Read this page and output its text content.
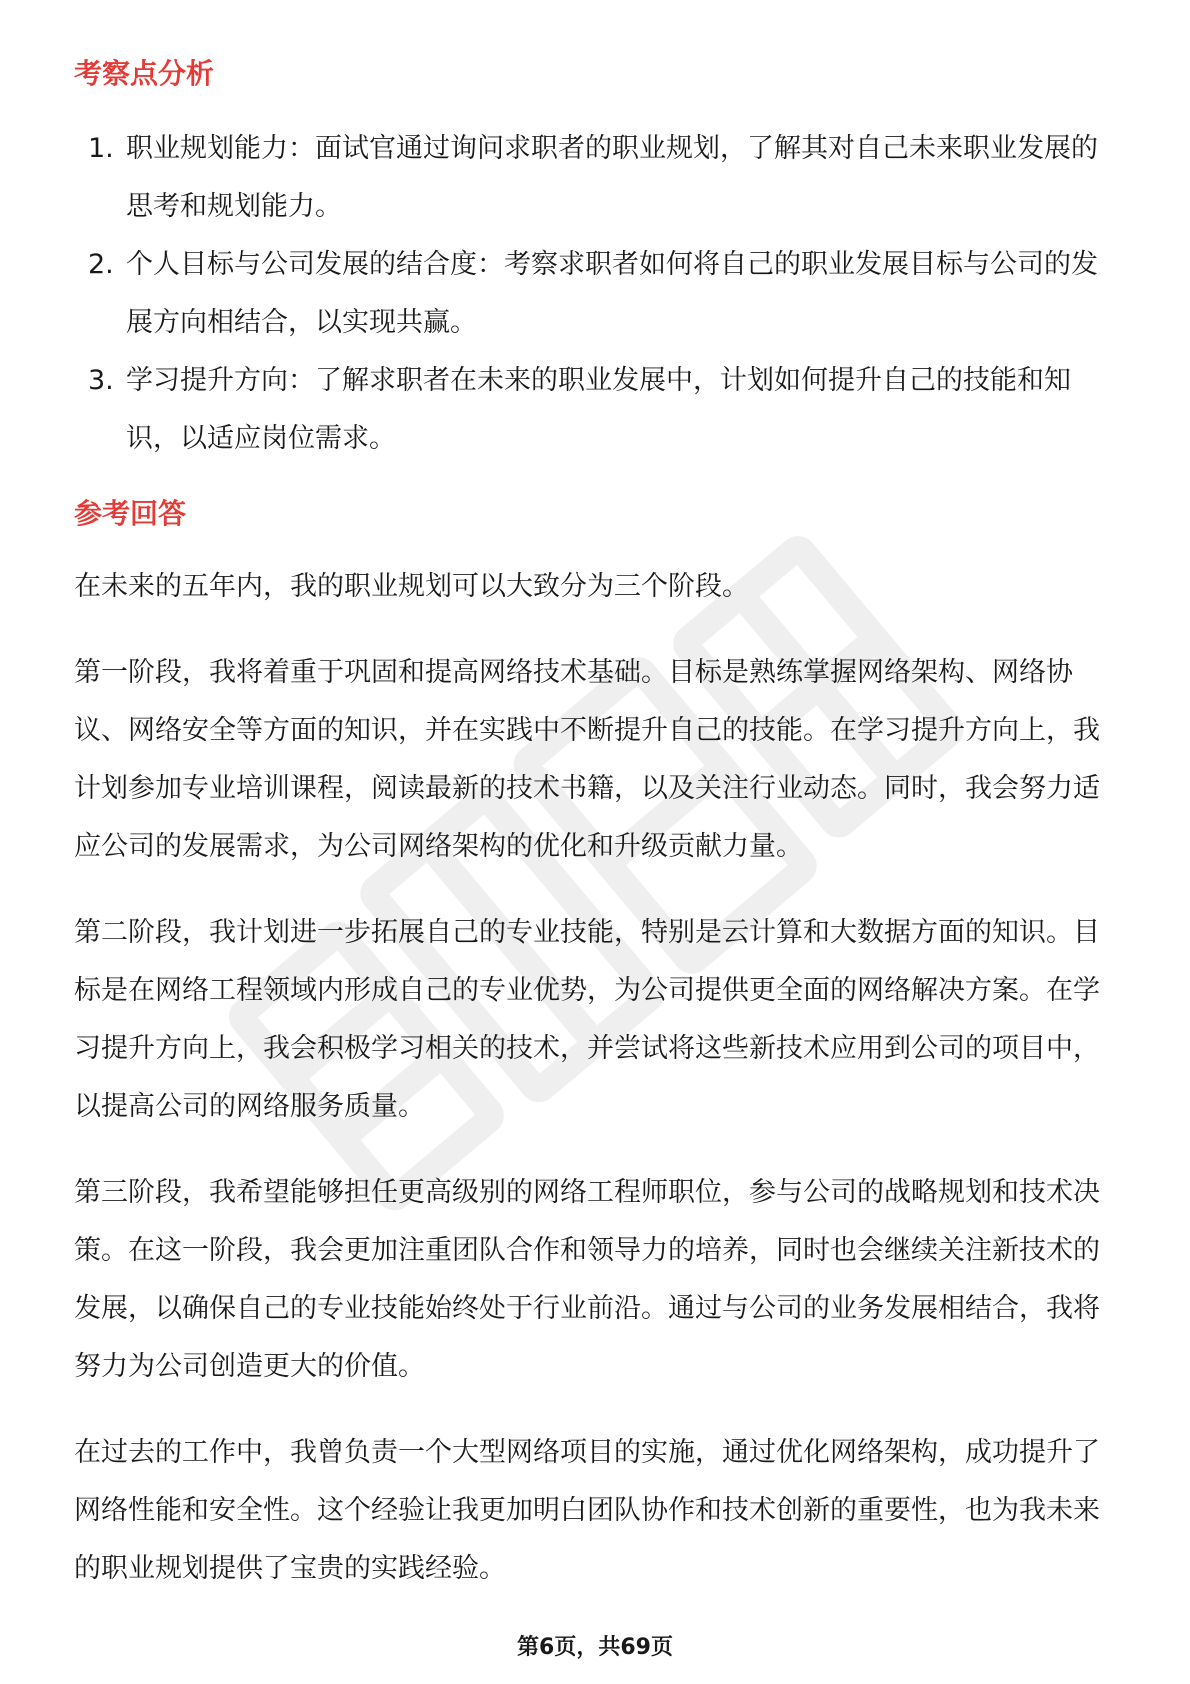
考察点分析
1. 职业规划能力：面试官通过询问求职者的职业规划，了解其对自己未来职业发展的思考和规划能力。
2. 个人目标与公司发展的结合度：考察求职者如何将自己的职业发展目标与公司的发展方向相结合，以实现共赢。
3. 学习提升方向：了解求职者在未来的职业发展中，计划如何提升自己的技能和知识，以适应岗位需求。
参考回答

在未来的五年内，我的职业规划可以大致分为三个阶段。

第一阶段，我将着重于巩固和提高网络技术基础。目标是熟练掌握网络架构、网络协议、网络安全等方面的知识，并在实践中不断提升自己的技能。在学习提升方向上，我计划参加专业培训课程，阅读最新的技术书籍，以及关注行业动态。同时，我会努力适应公司的发展需求，为公司网络架构的优化和升级贡献力量。

第二阶段，我计划进一步拓展自己的专业技能，特别是云计算和大数据方面的知识。目标是在网络工程领域内形成自己的专业优势，为公司提供更全面的网络解决方案。在学习提升方向上，我会积极学习相关的技术，并尝试将这些新技术应用到公司的项目中，以提高公司的网络服务质量。

第三阶段，我希望能够担任更高级别的网络工程师职位，参与公司的战略规划和技术决策。在这一阶段，我会更加注重团队合作和领导力的培养，同时也会继续关注新技术的发展，以确保自己的专业技能始终处于行业前沿。通过与公司的业务发展相结合，我将努力为公司创造更大的价值。

在过去的工作中，我曾负责一个大型网络项目的实施，通过优化网络架构，成功提升了网络性能和安全性。这个经验让我更加明白团队协作和技术创新的重要性，也为我未来的职业规划提供了宝贵的实践经验。

第6页，共69页
